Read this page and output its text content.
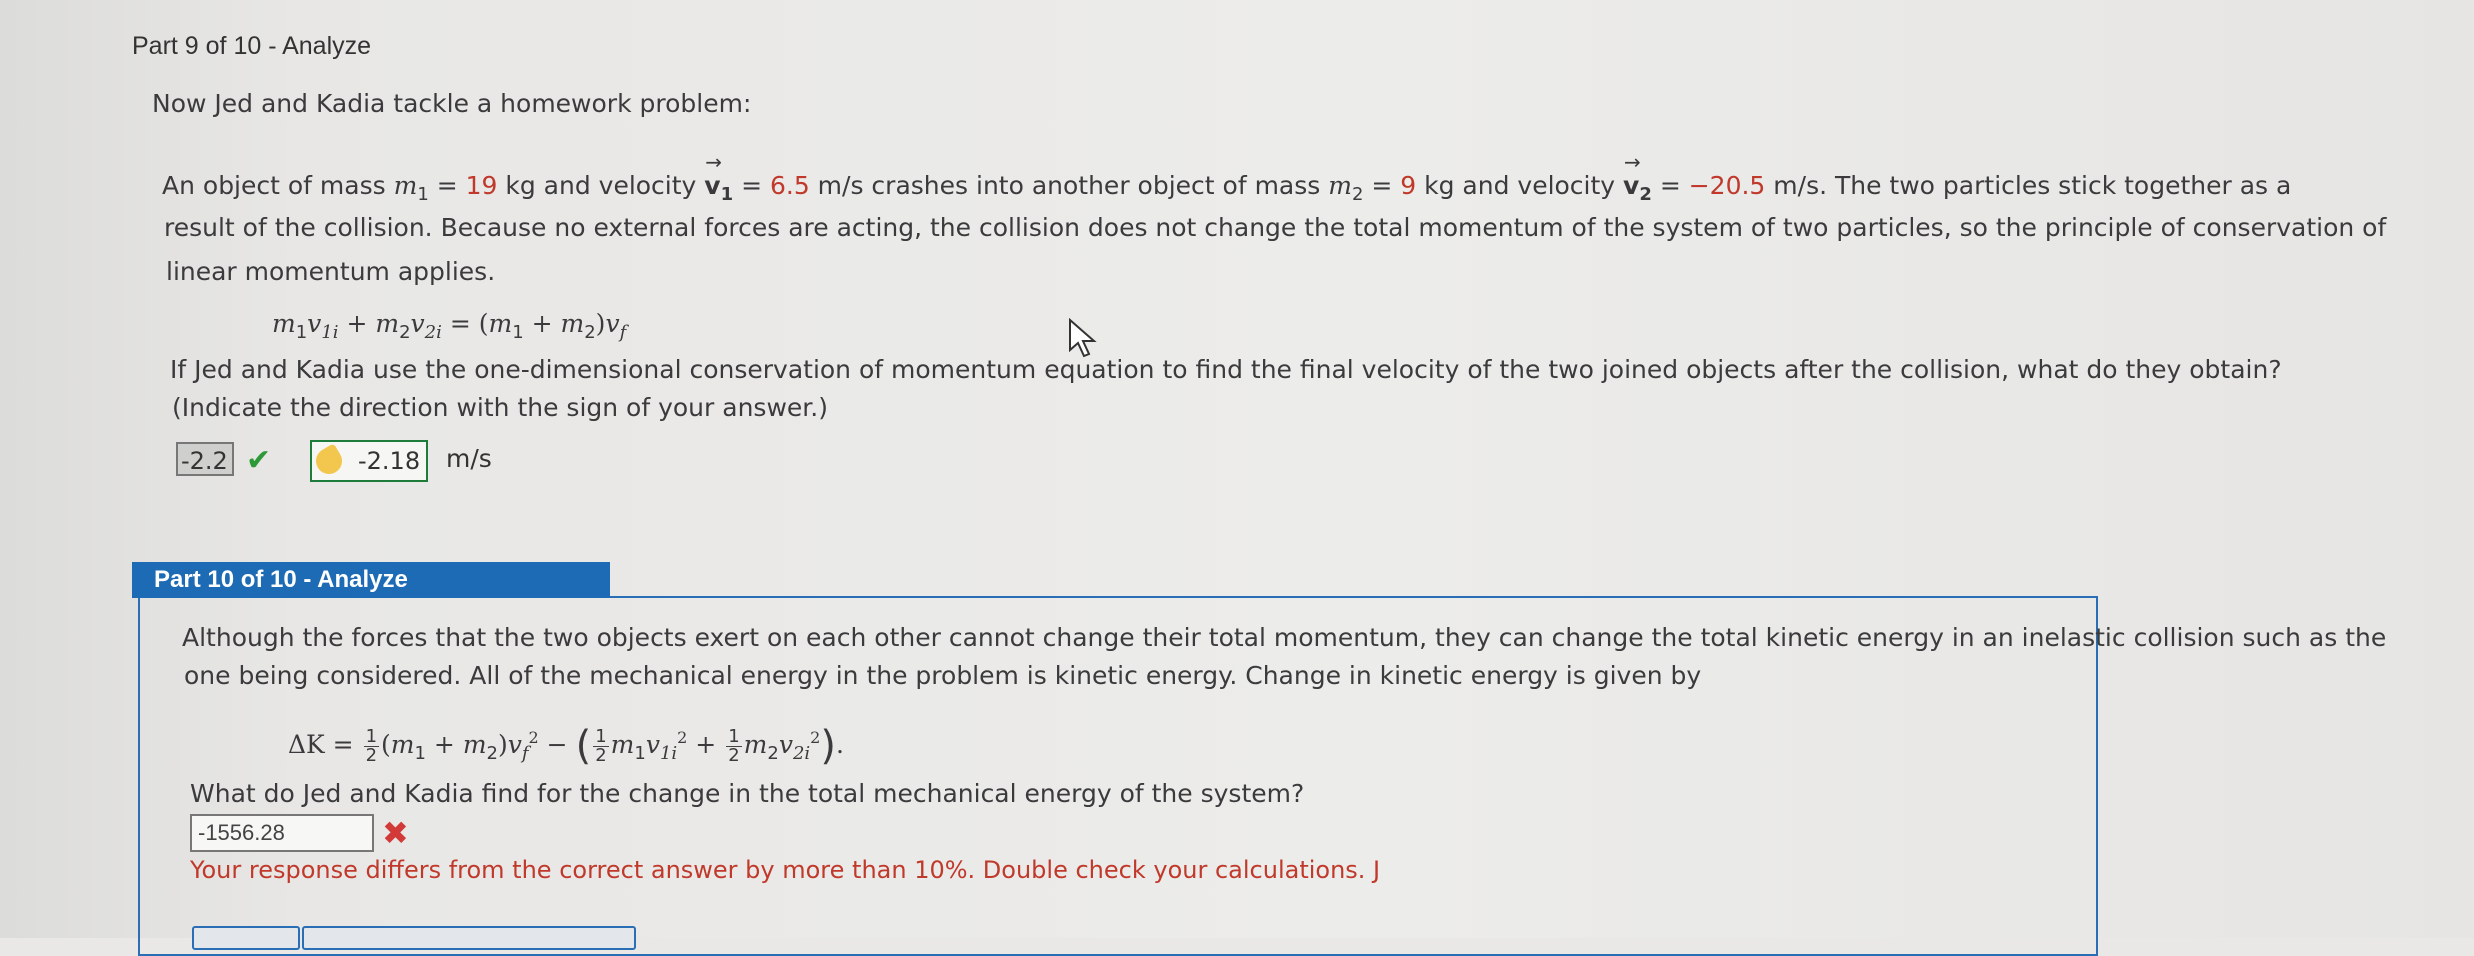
Part 9 of 10 - Analyze
Now Jed and Kadia tackle a homework problem:
An object of mass $m_1 = 19$ kg and velocity → $v_1 = 6.5$ m/s crashes into another object of mass $m_2 = 9$ kg and velocity → $v_2 = -20.5$ m/s. The two particles stick together as a
result of the collision. Because no external forces are acting, the collision does not change the total momentum of the system of two particles, so the principle of conservation of
linear momentum applies.
$m_1v_{1i} + m_2v_{2i} = (m_1 + m_2)v_f$
If Jed and Kadia use the one-dimensional conservation of momentum equation to find the final velocity of the two joined objects after the collision, what do they obtain?
(Indicate the direction with the sign of your answer.)
-2.2 ✔	-2.18 m/s
Part 10 of 10 - Analyze
Although the forces that the two objects exert on each other cannot change their total momentum, they can change the total kinetic energy in an inelastic collision such as the
one being considered. All of the mechanical energy in the problem is kinetic energy. Change in kinetic energy is given by
$\Delta K = \frac{1}{2} (m_1 + m_2)v_f^2$ − ( $\frac{1}{2} m_1v_{1i}^2 + \frac{1}{2} m_2v_{2i}^2$).
What do Jed and Kadia find for the change in the total mechanical energy of the system?
-1556.28	✖
Your response differs from the correct answer by more than 10%. Double check your calculations. J
